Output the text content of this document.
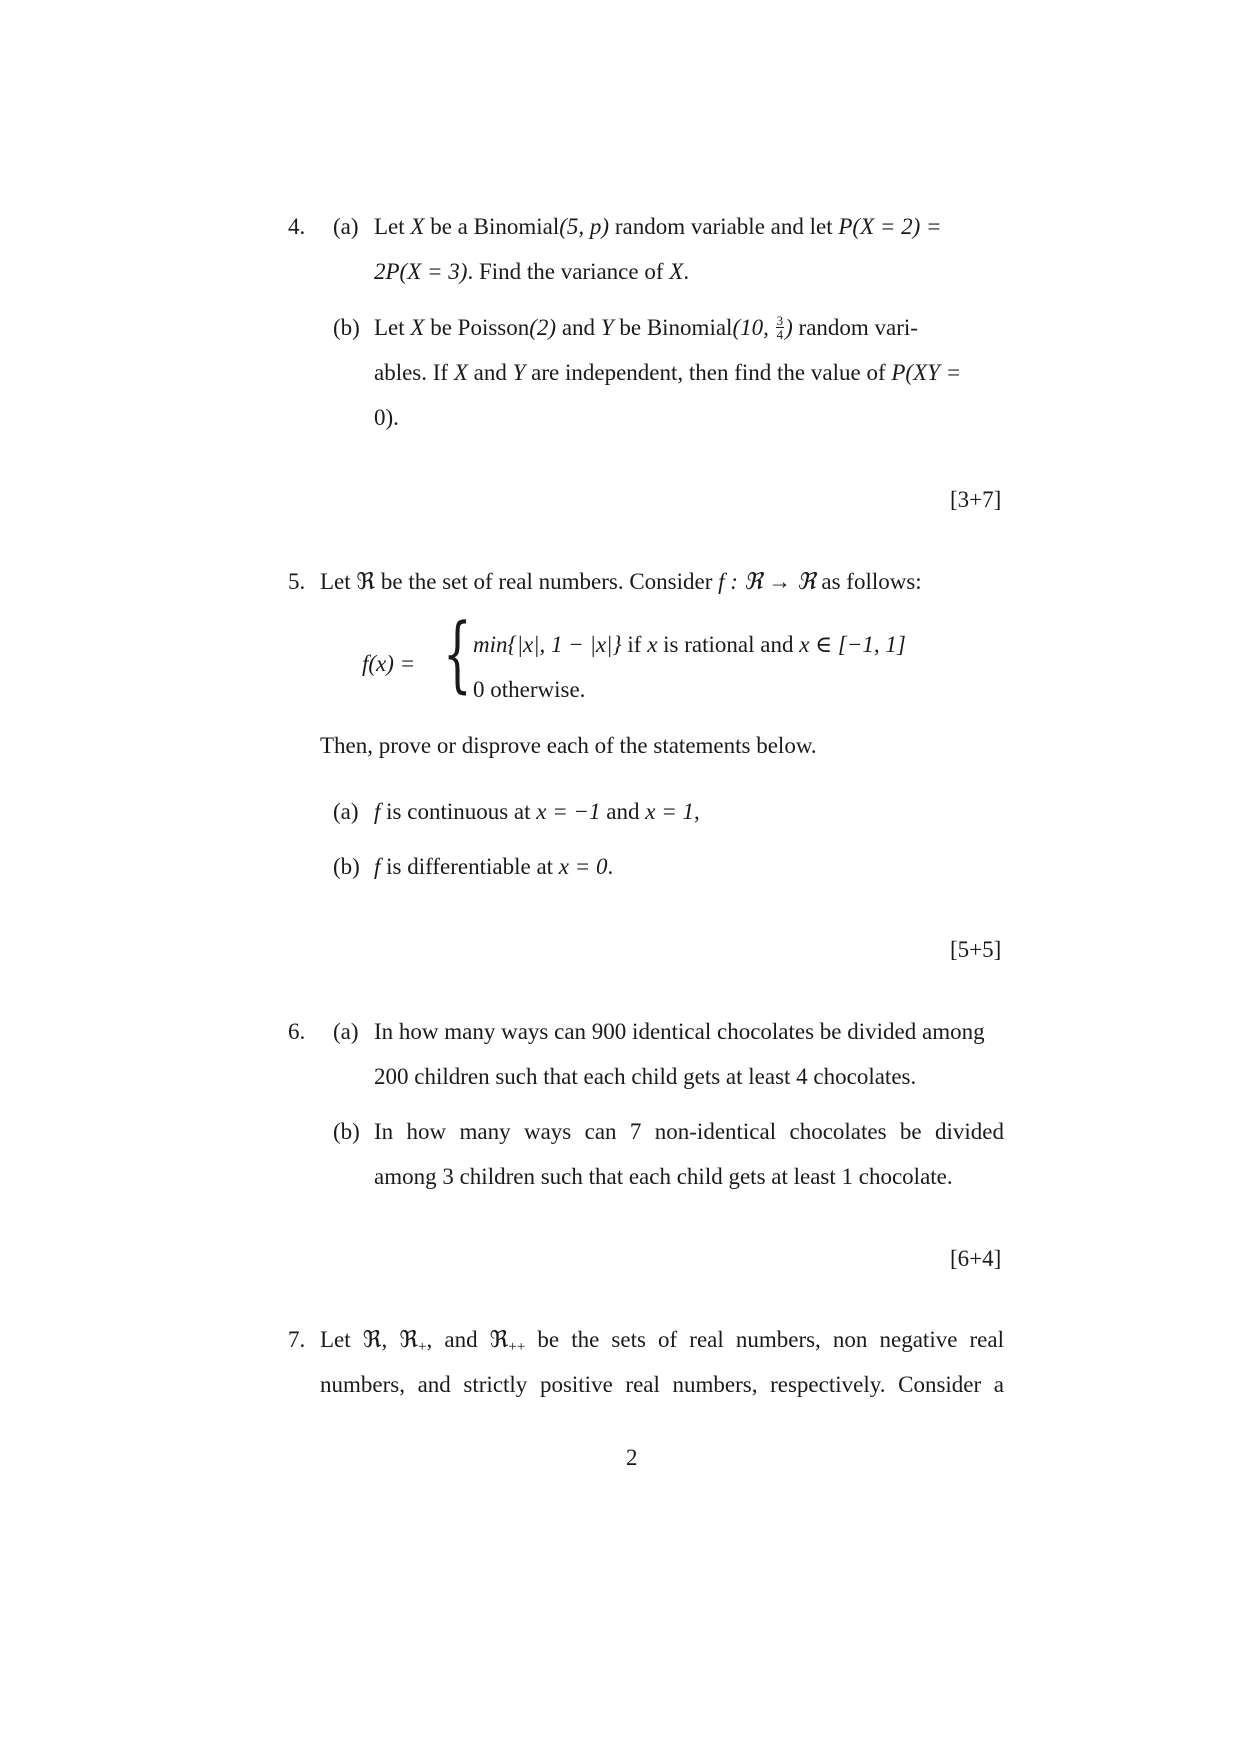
4. (a) Let X be a Binomial(5, p) random variable and let P(X = 2) =
2P(X = 3). Find the variance of X.
(b) Let X be Poisson(2) and Y be Binomial(10, $\frac{3}{4}$ ) random vari-
ables. If X and Y are independent, then find the value of P(XY =
0).
[3+7]
5. Let ℜ be the set of real numbers. Consider f : ℜ → ℜ as follows:
f(x) = { min{|x|, 1 − |x|} if x is rational and x ∈ [−1, 1]
0 otherwise.
Then, prove or disprove each of the statements below.
(a) f is continuous at x = −1 and x = 1,
(b) f is differentiable at x = 0.
[5+5]
6. (a) In how many ways can 900 identical chocolates be divided among
200 children such that each child gets at least 4 chocolates.
(b) In how many ways can 7 non-identical chocolates be divided
among 3 children such that each child gets at least 1 chocolate.
[6+4]
7. Let ℜ, ℜ$_+$, and ℜ$_{++}$ be the sets of real numbers, non negative real
numbers, and strictly positive real numbers, respectively. Consider a
2
